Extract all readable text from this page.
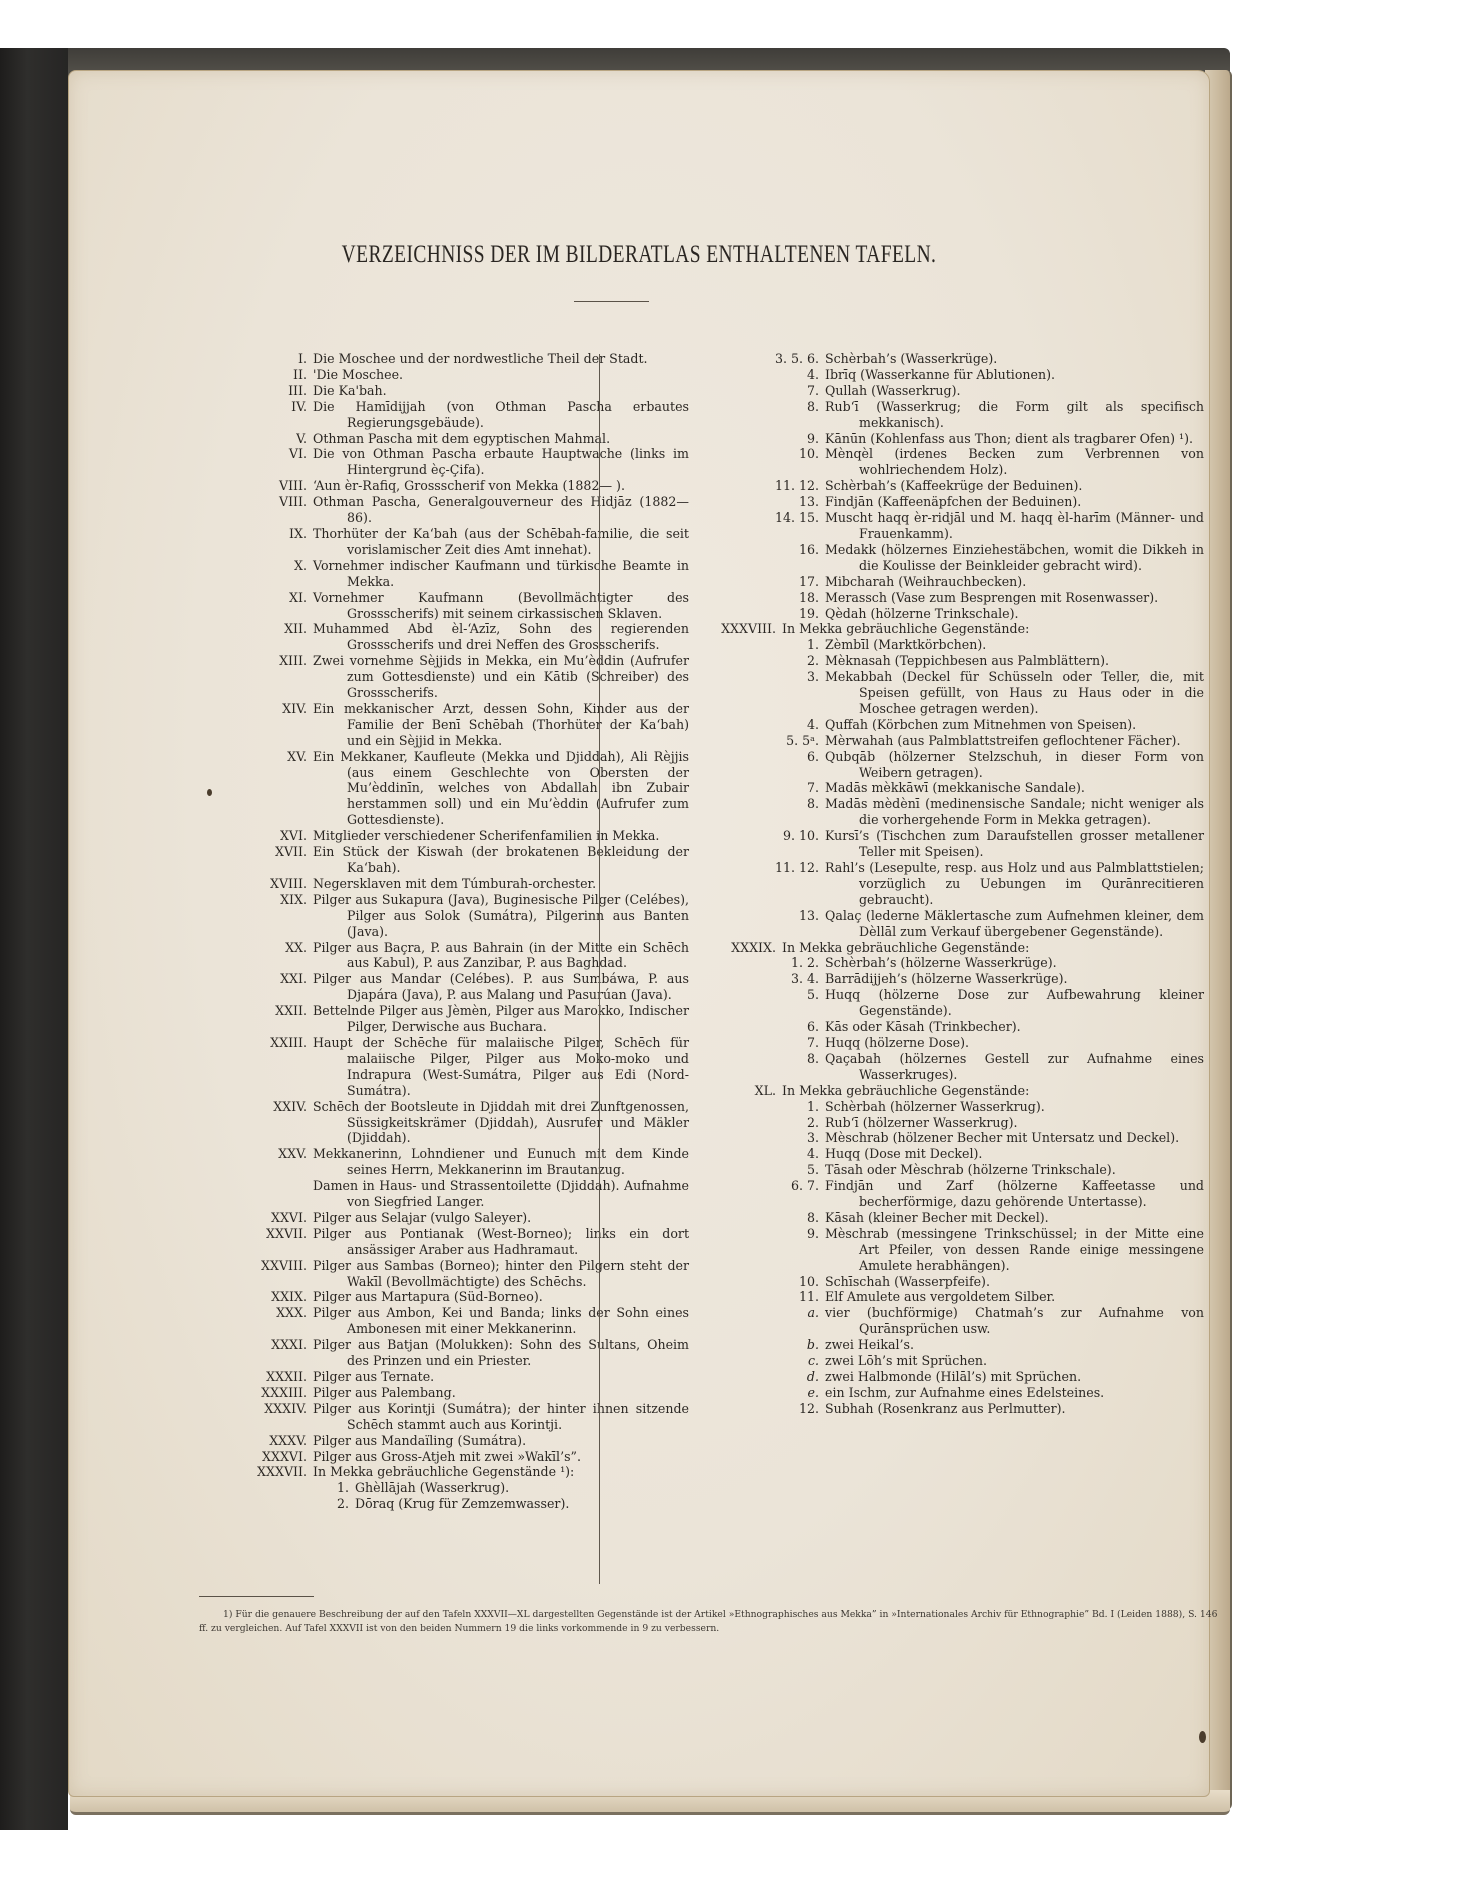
VERZEICHNISS DER IM BILDERATLAS ENTHALTENEN TAFELN.
I. Die Moschee und der nordwestliche Theil der Stadt.
II. 'Die Moschee.
III. Die Ka'bah.
IV. Die Hamīdijjah (von Othman Pascha erbautes Regierungsgebäude).
V. Othman Pascha mit dem egyptischen Mahmal.
VI. Die von Othman Pascha erbaute Hauptwache (links im Hintergrund èç-Çifa).
VIII. ‘Aun èr-Rafiq, Grossscherif von Mekka (1882— ).
VIII. Othman Pascha, Generalgouverneur des Hidjāz (1882—86).
IX. Thorhüter der Ka‘bah (aus der Schēbah-familie, die seit vorislamischer Zeit dies Amt innehat).
X. Vornehmer indischer Kaufmann und türkische Beamte in Mekka.
XI. Vornehmer Kaufmann (Bevollmächtigter des Grossscherifs) mit seinem cirkassischen Sklaven.
XII. Muhammed Abd èl-‘Azīz, Sohn des regierenden Grossscherifs und drei Neffen des Grossscherifs.
XIII. Zwei vornehme Sèjjids in Mekka, ein Mu’èddin (Aufrufer zum Gottesdienste) und ein Kātib (Schreiber) des Grossscherifs.
XIV. Ein mekkanischer Arzt, dessen Sohn, Kinder aus der Familie der Benī Schēbah (Thorhüter der Ka‘bah) und ein Sèjjid in Mekka.
XV. Ein Mekkaner, Kaufleute (Mekka und Djiddah), Ali Rèjjis (aus einem Geschlechte von Obersten der Mu’èddinīn, welches von Abdallah ibn Zubair herstammen soll) und ein Mu’èddin (Aufrufer zum Gottesdienste).
XVI. Mitglieder verschiedener Scherifenfamilien in Mekka.
XVII. Ein Stück der Kiswah (der brokatenen Bekleidung der Ka‘bah).
XVIII. Negersklaven mit dem Túmburah-orchester.
XIX. Pilger aus Sukapura (Java), Buginesische Pilger (Celébes), Pilger aus Solok (Sumátra), Pilgerinn aus Banten (Java).
XX. Pilger aus Baçra, P. aus Bahrain (in der Mitte ein Schēch aus Kabul), P. aus Zanzibar, P. aus Baghdad.
XXI. Pilger aus Mandar (Celébes). P. aus Sumbáwa, P. aus Djapára (Java), P. aus Malang und Pasurúan (Java).
XXII. Bettelnde Pilger aus Jèmèn, Pilger aus Marokko, Indischer Pilger, Derwische aus Buchara.
XXIII. Haupt der Schēche für malaiische Pilger, Schēch für malaiische Pilger, Pilger aus Moko-moko und Indrapura (West-Sumátra, Pilger aus Edi (Nord-Sumátra).
XXIV. Schēch der Bootsleute in Djiddah mit drei Zunftgenossen, Süssigkeitskrämer (Djiddah), Ausrufer und Mäkler (Djiddah).
XXV. Mekkanerinn, Lohndiener und Eunuch mit dem Kinde seines Herrn, Mekkanerinn im Brautanzug.
Damen in Haus- und Strassentoilette (Djiddah). Aufnahme von Siegfried Langer.
XXVI. Pilger aus Selajar (vulgo Saleyer).
XXVII. Pilger aus Pontianak (West-Borneo); links ein dort ansässiger Araber aus Hadhramaut.
XXVIII. Pilger aus Sambas (Borneo); hinter den Pilgern steht der Wakīl (Bevollmächtigte) des Schēchs.
XXIX. Pilger aus Martapura (Süd-Borneo).
XXX. Pilger aus Ambon, Kei und Banda; links der Sohn eines Ambonesen mit einer Mekkanerinn.
XXXI. Pilger aus Batjan (Molukken): Sohn des Sultans, Oheim des Prinzen und ein Priester.
XXXII. Pilger aus Ternate.
XXXIII. Pilger aus Palembang.
XXXIV. Pilger aus Korintji (Sumátra); der hinter ihnen sitzende Schēch stammt auch aus Korintji.
XXXV. Pilger aus Mandaïling (Sumátra).
XXXVI. Pilger aus Gross-Atjeh mit zwei »Wakīl’s”.
XXXVII. In Mekka gebräuchliche Gegenstände ¹):
1. Ghèllājah (Wasserkrug).
2. Dōraq (Krug für Zemzemwasser).
3. 5. 6. Schèrbah’s (Wasserkrüge).
4. Ibrīq (Wasserkanne für Ablutionen).
7. Qullah (Wasserkrug).
8. Rub‘ī (Wasserkrug; die Form gilt als specifisch mekkanisch).
9. Kānūn (Kohlenfass aus Thon; dient als tragbarer Ofen) ¹).
10. Mènqèl (irdenes Becken zum Verbrennen von wohlriechendem Holz).
11. 12. Schèrbah’s (Kaffeekrüge der Beduinen).
13. Findjān (Kaffeenäpfchen der Beduinen).
14. 15. Muscht haqq èr-ridjāl und M. haqq èl-harīm (Männer- und Frauenkamm).
16. Medakk (hölzernes Einziehestäbchen, womit die Dikkeh in die Koulisse der Beinkleider gebracht wird).
17. Mibcharah (Weihrauchbecken).
18. Merassch (Vase zum Besprengen mit Rosenwasser).
19. Qèdah (hölzerne Trinkschale).
XXXVIII. In Mekka gebräuchliche Gegenstände:
1. Zèmbīl (Marktkörbchen).
2. Mèknasah (Teppichbesen aus Palmblättern).
3. Mekabbah (Deckel für Schüsseln oder Teller, die, mit Speisen gefüllt, von Haus zu Haus oder in die Moschee getragen werden).
4. Quffah (Körbchen zum Mitnehmen von Speisen).
5. 5ᵃ. Mèrwahah (aus Palmblattstreifen geflochtener Fächer).
6. Qubqāb (hölzerner Stelzschuh, in dieser Form von Weibern getragen).
7. Madās mèkkāwī (mekkanische Sandale).
8. Madās mèdènī (medinensische Sandale; nicht weniger als die vorhergehende Form in Mekka getragen).
9. 10. Kursī’s (Tischchen zum Daraufstellen grosser metallener Teller mit Speisen).
11. 12. Rahl’s (Lesepulte, resp. aus Holz und aus Palmblattstielen; vorzüglich zu Uebungen im Qurānrecitieren gebraucht).
13. Qalaç (lederne Mäklertasche zum Aufnehmen kleiner, dem Dèllāl zum Verkauf übergebener Gegenstände).
XXXIX. In Mekka gebräuchliche Gegenstände:
1. 2. Schèrbah’s (hölzerne Wasserkrüge).
3. 4. Barrādijjeh’s (hölzerne Wasserkrüge).
5. Huqq (hölzerne Dose zur Aufbewahrung kleiner Gegenstände).
6. Kās oder Kāsah (Trinkbecher).
7. Huqq (hölzerne Dose).
8. Qaçabah (hölzernes Gestell zur Aufnahme eines Wasserkruges).
XL. In Mekka gebräuchliche Gegenstände:
1. Schèrbah (hölzerner Wasserkrug).
2. Rub‘ī (hölzerner Wasserkrug).
3. Mèschrab (hölzener Becher mit Untersatz und Deckel).
4. Huqq (Dose mit Deckel).
5. Tāsah oder Mèschrab (hölzerne Trinkschale).
6. 7. Findjān und Zarf (hölzerne Kaffeetasse und becherförmige, dazu gehörende Untertasse).
8. Kāsah (kleiner Becher mit Deckel).
9. Mèschrab (messingene Trinkschüssel; in der Mitte eine Art Pfeiler, von dessen Rande einige messingene Amulete herabhängen).
10. Schīschah (Wasserpfeife).
11. Elf Amulete aus vergoldetem Silber.
a. vier (buchförmige) Chatmah’s zur Aufnahme von Qurānsprüchen usw.
b. zwei Heikal’s.
c. zwei Lōh’s mit Sprüchen.
d. zwei Halbmonde (Hilāl’s) mit Sprüchen.
e. ein Ischm, zur Aufnahme eines Edelsteines.
12. Subhah (Rosenkranz aus Perlmutter).
1) Für die genauere Beschreibung der auf den Tafeln XXXVII—XL dargestellten Gegenstände ist der Artikel »Ethnographisches aus Mekka” in »Internationales Archiv für Ethnographie” Bd. I (Leiden 1888), S. 146 ff. zu vergleichen. Auf Tafel XXXVII ist von den beiden Nummern 19 die links vorkommende in 9 zu verbessern.
